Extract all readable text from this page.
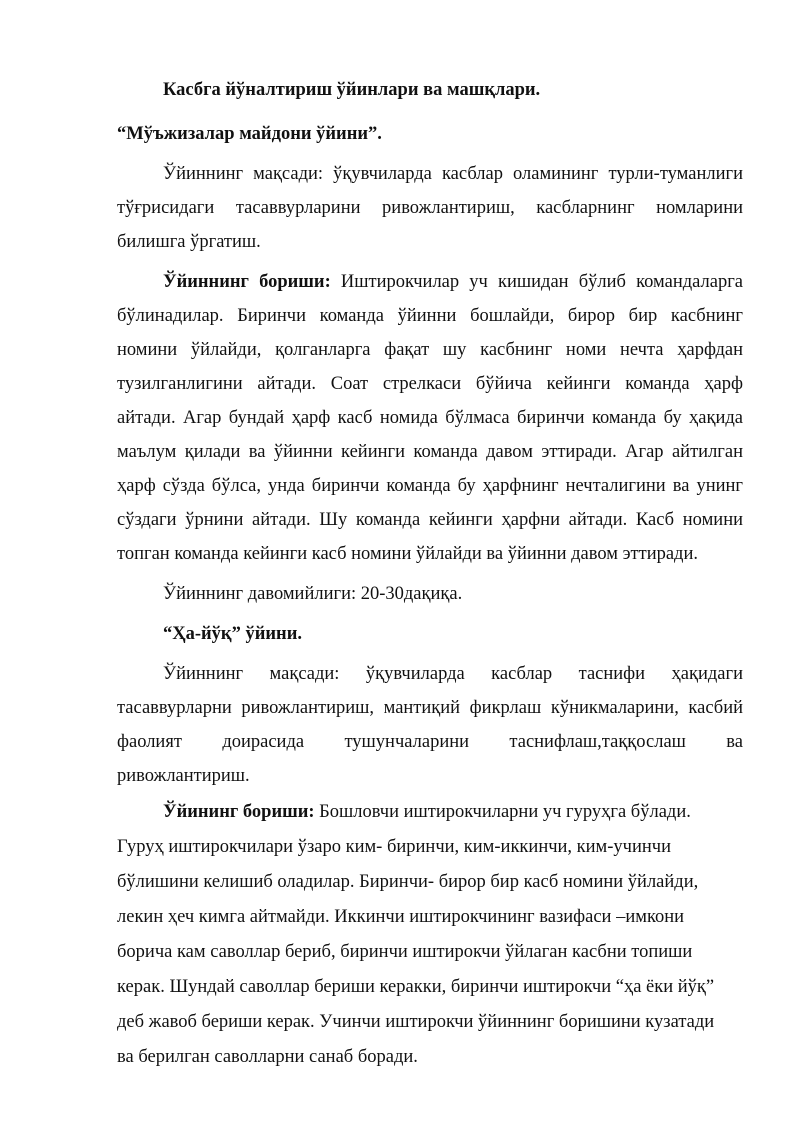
Касбга йўналтириш ўйинлари ва машқлари.
“Мўъжизалар майдони ўйини”.
Ўйиннинг мақсади: ўқувчиларда касблар оламининг турли-туманлиги
тўғрисидаги тасаввурларини ривожлантириш, касбларнинг номларини
билишга ўргатиш.
Ўйиннинг бориши: Иштирокчилар уч кишидан бўлиб командаларга
бўлинадилар. Биринчи команда ўйинни бошлайди, бирор бир касбнинг
номини ўйлайди, қолганларга фақат шу касбнинг номи нечта ҳарфдан
тузилганлигини айтади. Соат стрелкаси бўйича кейинги команда ҳарф
айтади. Агар бундай ҳарф касб номида бўлмаса биринчи команда бу ҳақида
маълум қилади ва ўйинни кейинги команда давом эттиради. Агар айтилган
ҳарф сўзда бўлса, унда биринчи команда бу ҳарфнинг нечталигини ва унинг
сўздаги ўрнини айтади. Шу команда кейинги ҳарфни айтади. Касб номини
топган команда кейинги касб номини ўйлайди ва ўйинни давом эттиради.
Ўйиннинг давомийлиги: 20-30дақиқа.
“Ҳа-йўқ” ўйини.
Ўйиннинг мақсади: ўқувчиларда касблар таснифи ҳақидаги
тасаввурларни ривожлантириш, мантиқий фикрлаш кўникмаларини, касбий
фаолият доирасида тушунчаларини таснифлаш,таққослаш ва
ривожлантириш.
Ўйининг бориши: Бошловчи иштирокчиларни уч гуруҳга бўлади.
Гуруҳ иштирокчилари ўзаро ким- биринчи, ким-иккинчи, ким-учинчи
бўлишини келишиб оладилар. Биринчи- бирор бир касб номини ўйлайди,
лекин ҳеч кимга айтмайди. Иккинчи иштирокчининг вазифаси –имкони
борича кам саволлар бериб, биринчи иштирокчи ўйлаган касбни топиши
керак. Шундай саволлар бериши керакки, биринчи иштирокчи “ҳа ёки йўқ”
деб жавоб бериши керак. Учинчи иштирокчи ўйиннинг боришини кузатади
ва берилган саволларни санаб боради.
